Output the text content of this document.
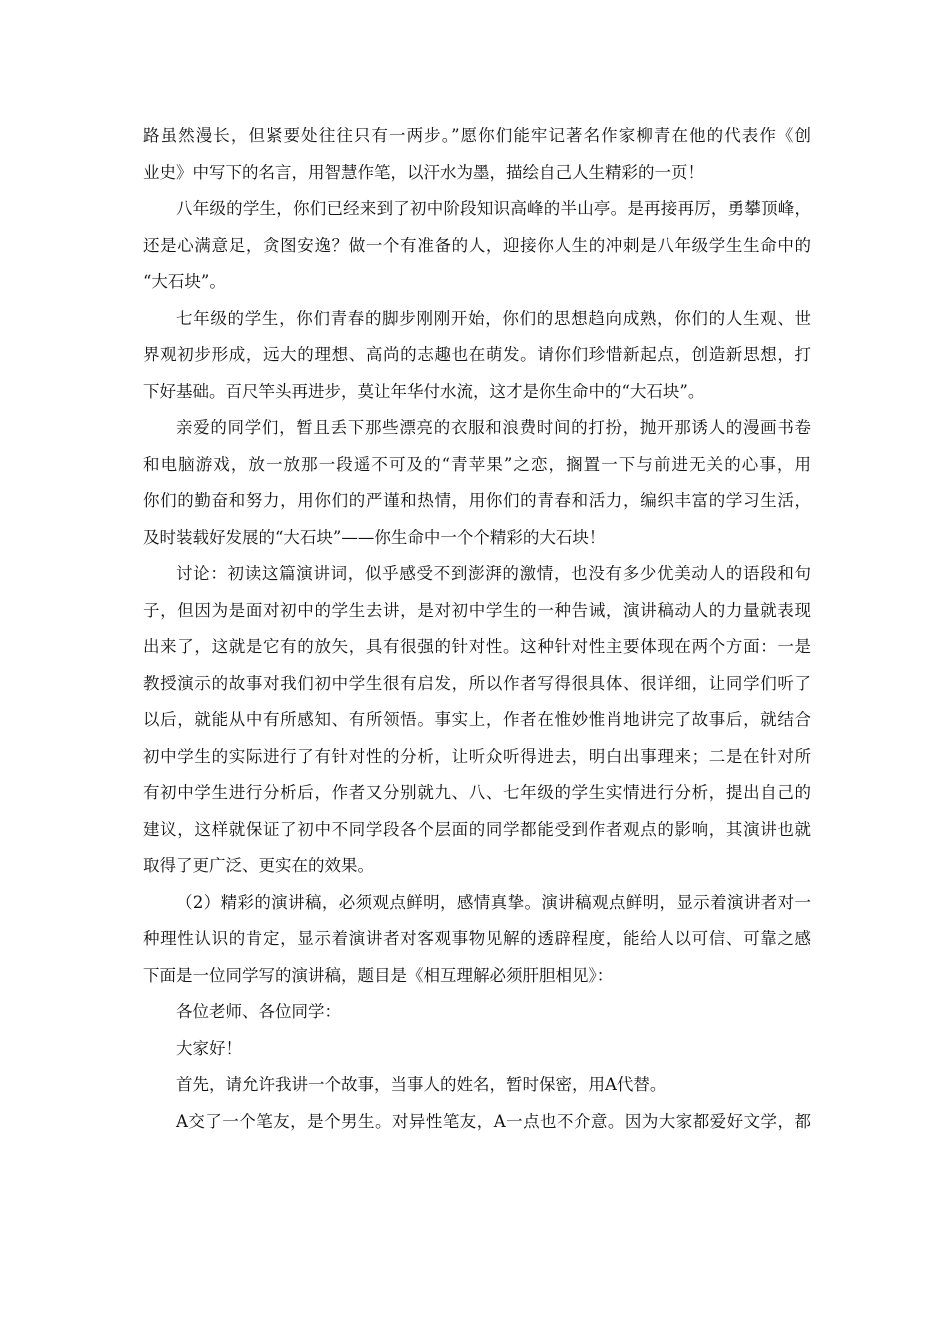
路虽然漫长，但紧要处往往只有一两步。”愿你们能牢记著名作家柳青在他的代表作《创
业史》中写下的名言，用智慧作笔，以汗水为墨，描绘自己人生精彩的一页！
八年级的学生，你们已经来到了初中阶段知识高峰的半山亭。是再接再厉，勇攀顶峰，
还是心满意足，贪图安逸？做一个有准备的人，迎接你人生的冲刺是八年级学生生命中的
“大石块”。
七年级的学生，你们青春的脚步刚刚开始，你们的思想趋向成熟，你们的人生观、世
界观初步形成，远大的理想、高尚的志趣也在萌发。请你们珍惜新起点，创造新思想，打
下好基础。百尺竿头再进步，莫让年华付水流，这才是你生命中的“大石块”。
亲爱的同学们，暂且丢下那些漂亮的衣服和浪费时间的打扮，抛开那诱人的漫画书卷
和电脑游戏，放一放那一段遥不可及的“青苹果”之恋，搁置一下与前进无关的心事，用
你们的勤奋和努力，用你们的严谨和热情，用你们的青春和活力，编织丰富的学习生活，
及时装载好发展的“大石块”——你生命中一个个精彩的大石块！
讨论：初读这篇演讲词，似乎感受不到澎湃的激情，也没有多少优美动人的语段和句
子，但因为是面对初中的学生去讲，是对初中学生的一种告诫，演讲稿动人的力量就表现
出来了，这就是它有的放矢，具有很强的针对性。这种针对性主要体现在两个方面：一是
教授演示的故事对我们初中学生很有启发，所以作者写得很具体、很详细，让同学们听了
以后，就能从中有所感知、有所领悟。事实上，作者在惟妙惟肖地讲完了故事后，就结合
初中学生的实际进行了有针对性的分析，让听众听得进去，明白出事理来；二是在针对所
有初中学生进行分析后，作者又分别就九、八、七年级的学生实情进行分析，提出自己的
建议，这样就保证了初中不同学段各个层面的同学都能受到作者观点的影响，其演讲也就
取得了更广泛、更实在的效果。
（2）精彩的演讲稿，必须观点鲜明，感情真挚。演讲稿观点鲜明，显示着演讲者对一
种理性认识的肯定，显示着演讲者对客观事物见解的透辟程度，能给人以可信、可靠之感
下面是一位同学写的演讲稿，题目是《相互理解必须肝胆相见》：
各位老师、各位同学：
大家好！
首先，请允许我讲一个故事，当事人的姓名，暂时保密，用A代替。
A交了一个笔友，是个男生。对异性笔友，A一点也不介意。因为大家都爱好文学，都
